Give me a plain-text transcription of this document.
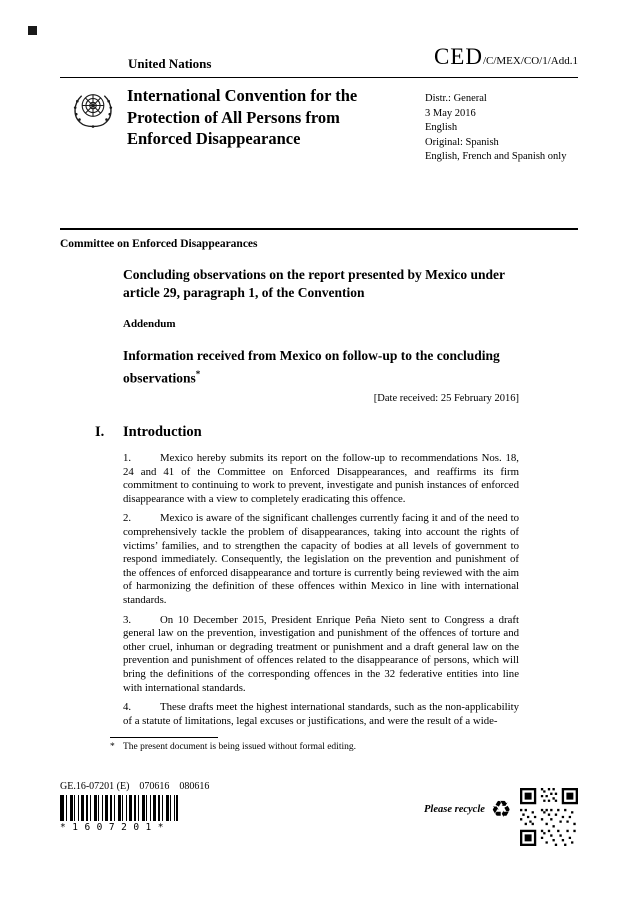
United Nations	CED /C/MEX/CO/1/Add.1
International Convention for the Protection of All Persons from Enforced Disappearance
Distr.: General
3 May 2016
English
Original: Spanish
English, French and Spanish only
Committee on Enforced Disappearances
Concluding observations on the report presented by Mexico under article 29, paragraph 1, of the Convention
Addendum
Information received from Mexico on follow-up to the concluding observations*
[Date received: 25 February 2016]
I. Introduction

1.	Mexico hereby submits its report on the follow-up to recommendations Nos. 18, 24 and 41 of the Committee on Enforced Disappearances, and reaffirms its firm commitment to continuing to work to prevent, investigate and punish instances of enforced disappearance with a view to completely eradicating this offence.

2.	Mexico is aware of the significant challenges currently facing it and of the need to comprehensively tackle the problem of disappearances, taking into account the rights of victims’ families, and to strengthen the capacity of bodies at all levels of government to respond immediately. Consequently, the legislation on the prevention and punishment of the offences of enforced disappearance and torture is currently being reviewed with the aim of harmonizing the definition of these offences within Mexico in line with international standards.

3.	On 10 December 2015, President Enrique Peña Nieto sent to Congress a draft general law on the prevention, investigation and punishment of the offences of torture and other cruel, inhuman or degrading treatment or punishment and a draft general law on the prevention and punishment of offences related to the disappearance of persons, which will bring the definitions of the corresponding offences in the 32 federative entities into line with international standards.

4.	These drafts meet the highest international standards, such as the non-applicability of a statute of limitations, legal excuses or justifications, and were the result of a wide-

* The present document is being issued without formal editing.
GE.16-07201 (E)    070616    080616
*1607201*
Please recycle ♻
